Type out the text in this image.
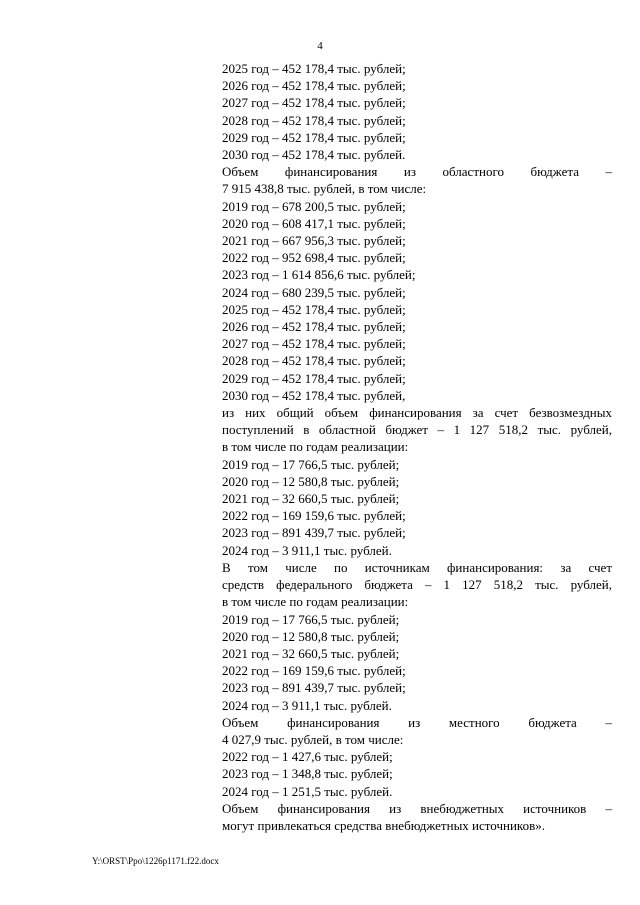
4
2025 год – 452 178,4 тыс. рублей;
2026 год – 452 178,4 тыс. рублей;
2027 год – 452 178,4 тыс. рублей;
2028 год – 452 178,4 тыс. рублей;
2029 год – 452 178,4 тыс. рублей;
2030 год – 452 178,4 тыс. рублей.
Объем финансирования из областного бюджета –
7 915 438,8 тыс. рублей, в том числе:
2019 год – 678 200,5 тыс. рублей;
2020 год – 608 417,1 тыс. рублей;
2021 год – 667 956,3 тыс. рублей;
2022 год – 952 698,4 тыс. рублей;
2023 год – 1 614 856,6 тыс. рублей;
2024 год – 680 239,5 тыс. рублей;
2025 год – 452 178,4 тыс. рублей;
2026 год – 452 178,4 тыс. рублей;
2027 год – 452 178,4 тыс. рублей;
2028 год – 452 178,4 тыс. рублей;
2029 год – 452 178,4 тыс. рублей;
2030 год – 452 178,4 тыс. рублей,
из них общий объем финансирования за счет безвозмездных
поступлений в областной бюджет – 1 127 518,2 тыс. рублей,
в том числе по годам реализации:
2019 год – 17 766,5 тыс. рублей;
2020 год – 12 580,8 тыс. рублей;
2021 год – 32 660,5 тыс. рублей;
2022 год – 169 159,6 тыс. рублей;
2023 год – 891 439,7 тыс. рублей;
2024 год – 3 911,1 тыс. рублей.
В том числе по источникам финансирования: за счет
средств федерального бюджета – 1 127 518,2 тыс. рублей,
в том числе по годам реализации:
2019 год – 17 766,5 тыс. рублей;
2020 год – 12 580,8 тыс. рублей;
2021 год – 32 660,5 тыс. рублей;
2022 год – 169 159,6 тыс. рублей;
2023 год – 891 439,7 тыс. рублей;
2024 год – 3 911,1 тыс. рублей.
Объем финансирования из местного бюджета –
4 027,9 тыс. рублей, в том числе:
2022 год – 1 427,6 тыс. рублей;
2023 год – 1 348,8 тыс. рублей;
2024 год – 1 251,5 тыс. рублей.
Объем финансирования из внебюджетных источников –
могут привлекаться средства внебюджетных источников».
Y:\ORST\Ppo\1226p1171.f22.docx
